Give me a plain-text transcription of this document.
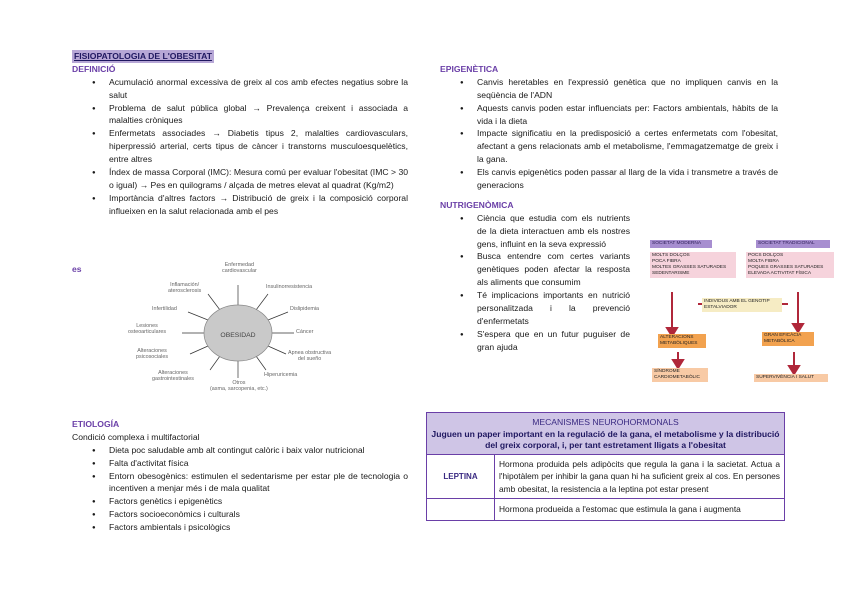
FISIOPATOLOGIA DE L'OBESITAT
DEFINICIÓ
● Acumulació anormal excessiva de greix al cos amb efectes negatius sobre la salut
● Problema de salut pública global → Prevalença creixent i associada a malalties cròniques
● Enfermetats associades → Diabetis tipus 2, malalties cardiovasculars, hiperpressió arterial, certs tipus de càncer i transtorns musculoesquelètics, entre altres
● Índex de massa Corporal (IMC): Mesura comú per evaluar l'obesitat (IMC > 30 o igual) → Pes en quilograms / alçada de metres elevat al quadrat (Kg/m2)
● Importància d'altres factors → Distribució de greix i la composició corporal influeixen en la salut relacionada amb el pes
es
OBESIDAD
Enfermedad
cardiovascular
Insulinorresistencia
Dislipidemia
Cáncer
Apnea obstructiva
del sueño
Hiperuricemia
Otros
(asma, sarcopenia, etc.)
Alteraciones
gastrointestinales
Alteraciones
psicosociales
Lesiones
osteoarticulares
Infertilidad
Inflamación/
aterosclerosis
ETIOLOGÍA
Condició complexa i multifactorial
● Dieta poc saludable amb alt contingut calòric i baix valor nutricional
● Falta d'activitat física
● Entorn obesogènics: estimulen el sedentarisme per estar ple de tecnologia o incentiven a menjar més i de mala qualitat
● Factors genètics i epigenètics
● Factors socioeconòmics i culturals
● Factors ambientals i psicològics
EPIGENÈTICA
● Canvis heretables en l'expressió genètica que no impliquen canvis en la seqüència de l'ADN
● Aquests canvis poden estar influenciats per: Factors ambientals, hàbits de la vida i la dieta
● Impacte significatiu en la predisposició a certes enfermetats com l'obesitat, afectant a gens relacionats amb el metabolisme, l'emmagatzematge de greix i la gana.
● Els canvis epigenètics poden passar al llarg de la vida i transmetre a través de generacions
NUTRIGENÒMICA
● Ciència que estudia com els nutrients de la dieta interactuen amb els nostres gens, influint en la seva expressió
● Busca entendre com certes variants genètiques poden afectar la resposta als aliments que consumim
● Té implicacions importants en nutrició personalitzada i la prevenció d'enfermetats
● S'espera que en un futur puguiser de gran ajuda
SOCIETAT MODERNA	SOCIETAT TRADICIONAL
MOLTS DOLÇOS
POCA FIBRA
MOLTES GRASSES SATURADES
SEDENTARISME
POCS DOLÇOS
MOLTA FIBRA
POQUES GRASSES SATURADES
ELEVADA ACTIVITAT FÍSICA
INDIVIDUS AMB EL GENOTIP
ESTALVIADOR
ALTERACIONS
METABÒLIQUES
GRAN EFICÀCIA
METABÒLICA
SÍNDROME
CARDIOMETABÒLIC	SUPERVIVÈNCIA I SALUT
MECANISMES NEUROHORMONALS
Juguen un paper important en la regulació de la gana, el metabolisme y la distribució del greix corporal, i, per tant estretament lligats a l'obesitat	

LEPTINA	Hormona produida pels adipòcits que regula la gana i la sacietat. Actua a l'hipotàlem per inhibir la gana quan hi ha suficient greix al cos. En persones amb obesitat, la resistencia a la leptina pot estar present
	Hormona produeida a l'estomac que estimula la gana i augmenta
